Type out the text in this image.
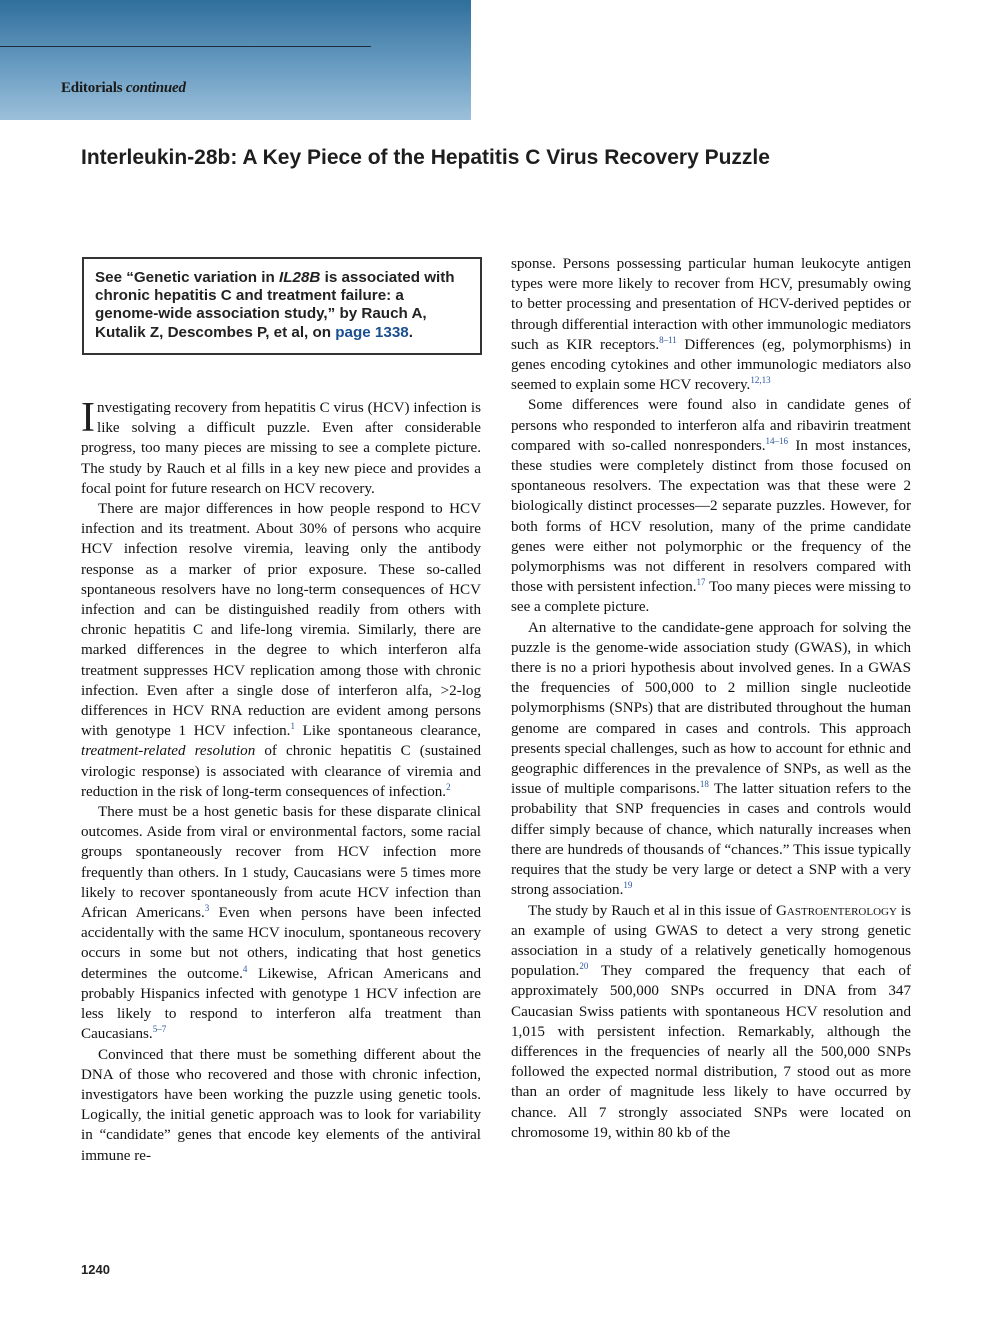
Editorials continued
Interleukin-28b: A Key Piece of the Hepatitis C Virus Recovery Puzzle
See “Genetic variation in IL28B is associated with chronic hepatitis C and treatment failure: a genome-wide association study,” by Rauch A, Kutalik Z, Descombes P, et al, on page 1338.

Investigating recovery from hepatitis C virus (HCV) infection is like solving a difficult puzzle. Even after considerable progress, too many pieces are missing to see a complete picture. The study by Rauch et al fills in a key new piece and provides a focal point for future research on HCV recovery.

There are major differences in how people respond to HCV infection and its treatment. About 30% of persons who acquire HCV infection resolve viremia, leaving only the antibody response as a marker of prior exposure. These so-called spontaneous resolvers have no long-term consequences of HCV infection and can be distinguished readily from others with chronic hepatitis C and life-long viremia. Similarly, there are marked differences in the degree to which interferon alfa treatment suppresses HCV replication among those with chronic infection. Even after a single dose of interferon alfa, >2-log differences in HCV RNA reduction are evident among persons with genotype 1 HCV infection.$^1$ Like spontaneous clearance, treatment-related resolution of chronic hepatitis C (sustained virologic response) is associated with clearance of viremia and reduction in the risk of long-term consequences of infection.$^2$

There must be a host genetic basis for these disparate clinical outcomes. Aside from viral or environmental factors, some racial groups spontaneously recover from HCV infection more frequently than others. In 1 study, Caucasians were 5 times more likely to recover spontaneously from acute HCV infection than African Americans.$^3$ Even when persons have been infected accidentally with the same HCV inoculum, spontaneous recovery occurs in some but not others, indicating that host genetics determines the outcome.$^4$ Likewise, African Americans and probably Hispanics infected with genotype 1 HCV infection are less likely to respond to interferon alfa treatment than Caucasians.$^{5-7}$

Convinced that there must be something different about the DNA of those who recovered and those with chronic infection, investigators have been working the puzzle using genetic tools. Logically, the initial genetic approach was to look for variability in “candidate” genes that encode key elements of the antiviral immune re-

sponse. Persons possessing particular human leukocyte antigen types were more likely to recover from HCV, presumably owing to better processing and presentation of HCV-derived peptides or through differential interaction with other immunologic mediators such as KIR receptors.$^{8-11}$ Differences (eg, polymorphisms) in genes encoding cytokines and other immunologic mediators also seemed to explain some HCV recovery.$^{12,13}$

Some differences were found also in candidate genes of persons who responded to interferon alfa and ribavirin treatment compared with so-called nonresponders.$^{14-16}$ In most instances, these studies were completely distinct from those focused on spontaneous resolvers. The expectation was that these were 2 biologically distinct processes—2 separate puzzles. However, for both forms of HCV resolution, many of the prime candidate genes were either not polymorphic or the frequency of the polymorphisms was not different in resolvers compared with those with persistent infection.$^{17}$ Too many pieces were missing to see a complete picture.

An alternative to the candidate-gene approach for solving the puzzle is the genome-wide association study (GWAS), in which there is no a priori hypothesis about involved genes. In a GWAS the frequencies of 500,000 to 2 million single nucleotide polymorphisms (SNPs) that are distributed throughout the human genome are compared in cases and controls. This approach presents special challenges, such as how to account for ethnic and geographic differences in the prevalence of SNPs, as well as the issue of multiple comparisons.$^{18}$ The latter situation refers to the probability that SNP frequencies in cases and controls would differ simply because of chance, which naturally increases when there are hundreds of thousands of “chances.” This issue typically requires that the study be very large or detect a SNP with a very strong association.$^{19}$

The study by Rauch et al in this issue of Gastroenterology is an example of using GWAS to detect a very strong genetic association in a study of a relatively genetically homogenous population.$^{20}$ They compared the frequency that each of approximately 500,000 SNPs occurred in DNA from 347 Caucasian Swiss patients with spontaneous HCV resolution and 1,015 with persistent infection. Remarkably, although the differences in the frequencies of nearly all the 500,000 SNPs followed the expected normal distribution, 7 stood out as more than an order of magnitude less likely to have occurred by chance. All 7 strongly associated SNPs were located on chromosome 19, within 80 kb of the

1240
